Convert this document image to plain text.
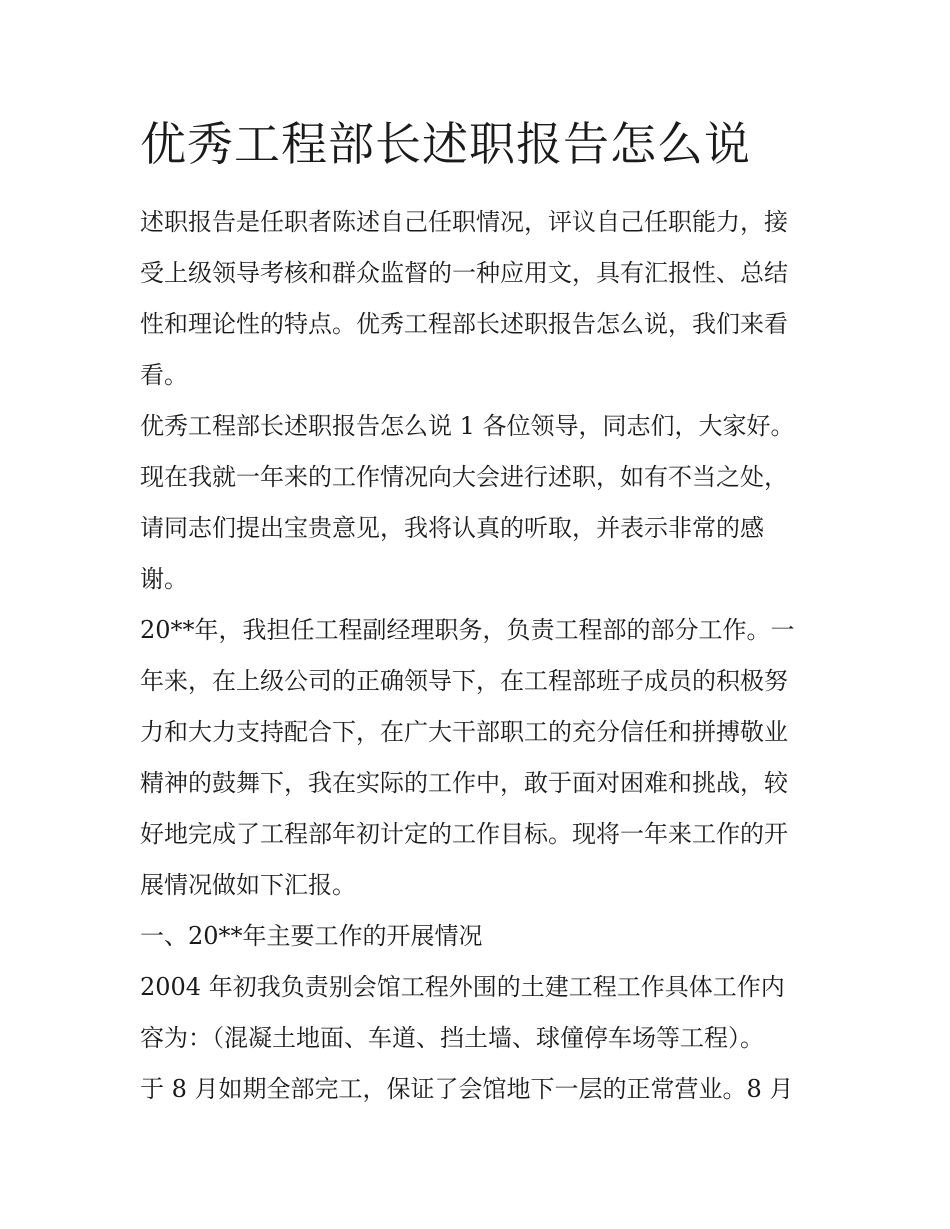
优秀工程部长述职报告怎么说

述职报告是任职者陈述自己任职情况，评议自己任职能力，接

受上级领导考核和群众监督的一种应用文，具有汇报性、总结

性和理论性的特点。优秀工程部长述职报告怎么说，我们来看

看。

优秀工程部长述职报告怎么说 1 各位领导，同志们，大家好。

现在我就一年来的工作情况向大会进行述职，如有不当之处，

请同志们提出宝贵意见，我将认真的听取，并表示非常的感

谢。

20**年，我担任工程副经理职务，负责工程部的部分工作。一

年来，在上级公司的正确领导下，在工程部班子成员的积极努

力和大力支持配合下，在广大干部职工的充分信任和拼搏敬业

精神的鼓舞下，我在实际的工作中，敢于面对困难和挑战，较

好地完成了工程部年初计定的工作目标。现将一年来工作的开

展情况做如下汇报。

一、20**年主要工作的开展情况

2004 年初我负责别会馆工程外围的土建工程工作具体工作内

容为：（混凝土地面、车道、挡土墙、球僮停车场等工程）。

于 8 月如期全部完工，保证了会馆地下一层的正常营业。8 月
